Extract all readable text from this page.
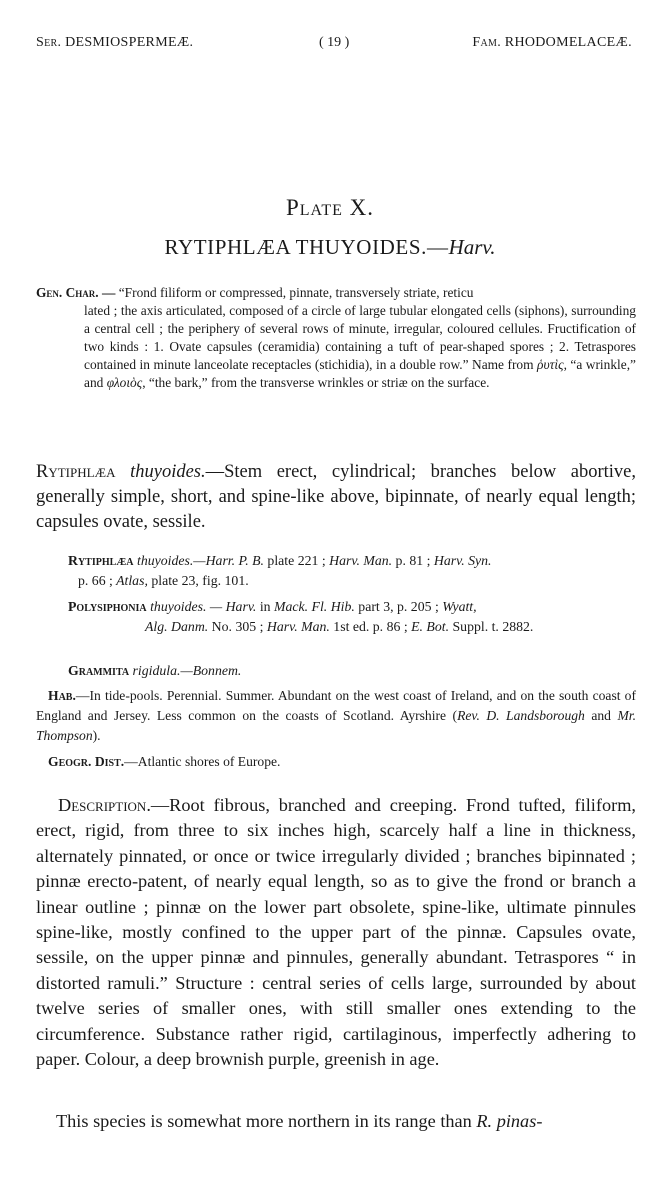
Ser. DESMIOSPERMEÆ.	( 19 )	Fam. RHODOMELACEÆ.
Plate X.
RYTIPHLÆA THUYOIDES.—Harv.
Gen. Char. — “Frond filiform or compressed, pinnate, transversely striate, reticu
lated ; the axis articulated, composed of a circle of large tubular elongated cells (siphons), surrounding a central cell ; the periphery of several rows of minute, irregular, coloured cellules. Fructification of two kinds : 1. Ovate capsules (ceramidia) containing a tuft of pear-shaped spores ; 2. Tetraspores contained in minute lanceolate receptacles (stichidia), in a double row.” Name from ῥυτὶς, “a wrinkle,” and φλοιὸς, “the bark,” from the transverse wrinkles or striæ on the surface.
Rytiphlæa thuyoides.—Stem erect, cylindrical; branches below abortive, generally simple, short, and spine-like above, bipinnate, of nearly equal length; capsules ovate, sessile.
Rytiphlæa thuyoides.—Harr. P. B. plate 221 ; Harv. Man. p. 81 ; Harv. Syn.
p. 66 ; Atlas, plate 23, fig. 101.
Polysiphonia thuyoides. — Harv. in Mack. Fl. Hib. part 3, p. 205 ; Wyatt,
Alg. Danm. No. 305 ; Harv. Man. 1st ed. p. 86 ; E. Bot. Suppl. t. 2882.
Grammita rigidula.—Bonnem.
Hab.—In tide-pools. Perennial. Summer. Abundant on the west coast of Ireland, and on the south coast of England and Jersey. Less common on the coasts of Scotland. Ayrshire (Rev. D. Landsborough and Mr. Thompson).
Geogr. Dist.—Atlantic shores of Europe.
Description.—Root fibrous, branched and creeping. Frond tufted, filiform, erect, rigid, from three to six inches high, scarcely half a line in thickness, alternately pinnated, or once or twice irregularly divided ; branches bipinnated ; pinnæ erecto-patent, of nearly equal length, so as to give the frond or branch a linear outline ; pinnæ on the lower part obsolete, spine-like, ultimate pinnules spine-like, mostly confined to the upper part of the pinnæ. Capsules ovate, sessile, on the upper pinnæ and pinnules, generally abundant. Tetraspores “ in distorted ramuli.” Structure : central series of cells large, surrounded by about twelve series of smaller ones, with still smaller ones extending to the circumference. Substance rather rigid, cartilaginous, imperfectly adhering to paper. Colour, a deep brownish purple, greenish in age.
This species is somewhat more northern in its range than R. pinas-
